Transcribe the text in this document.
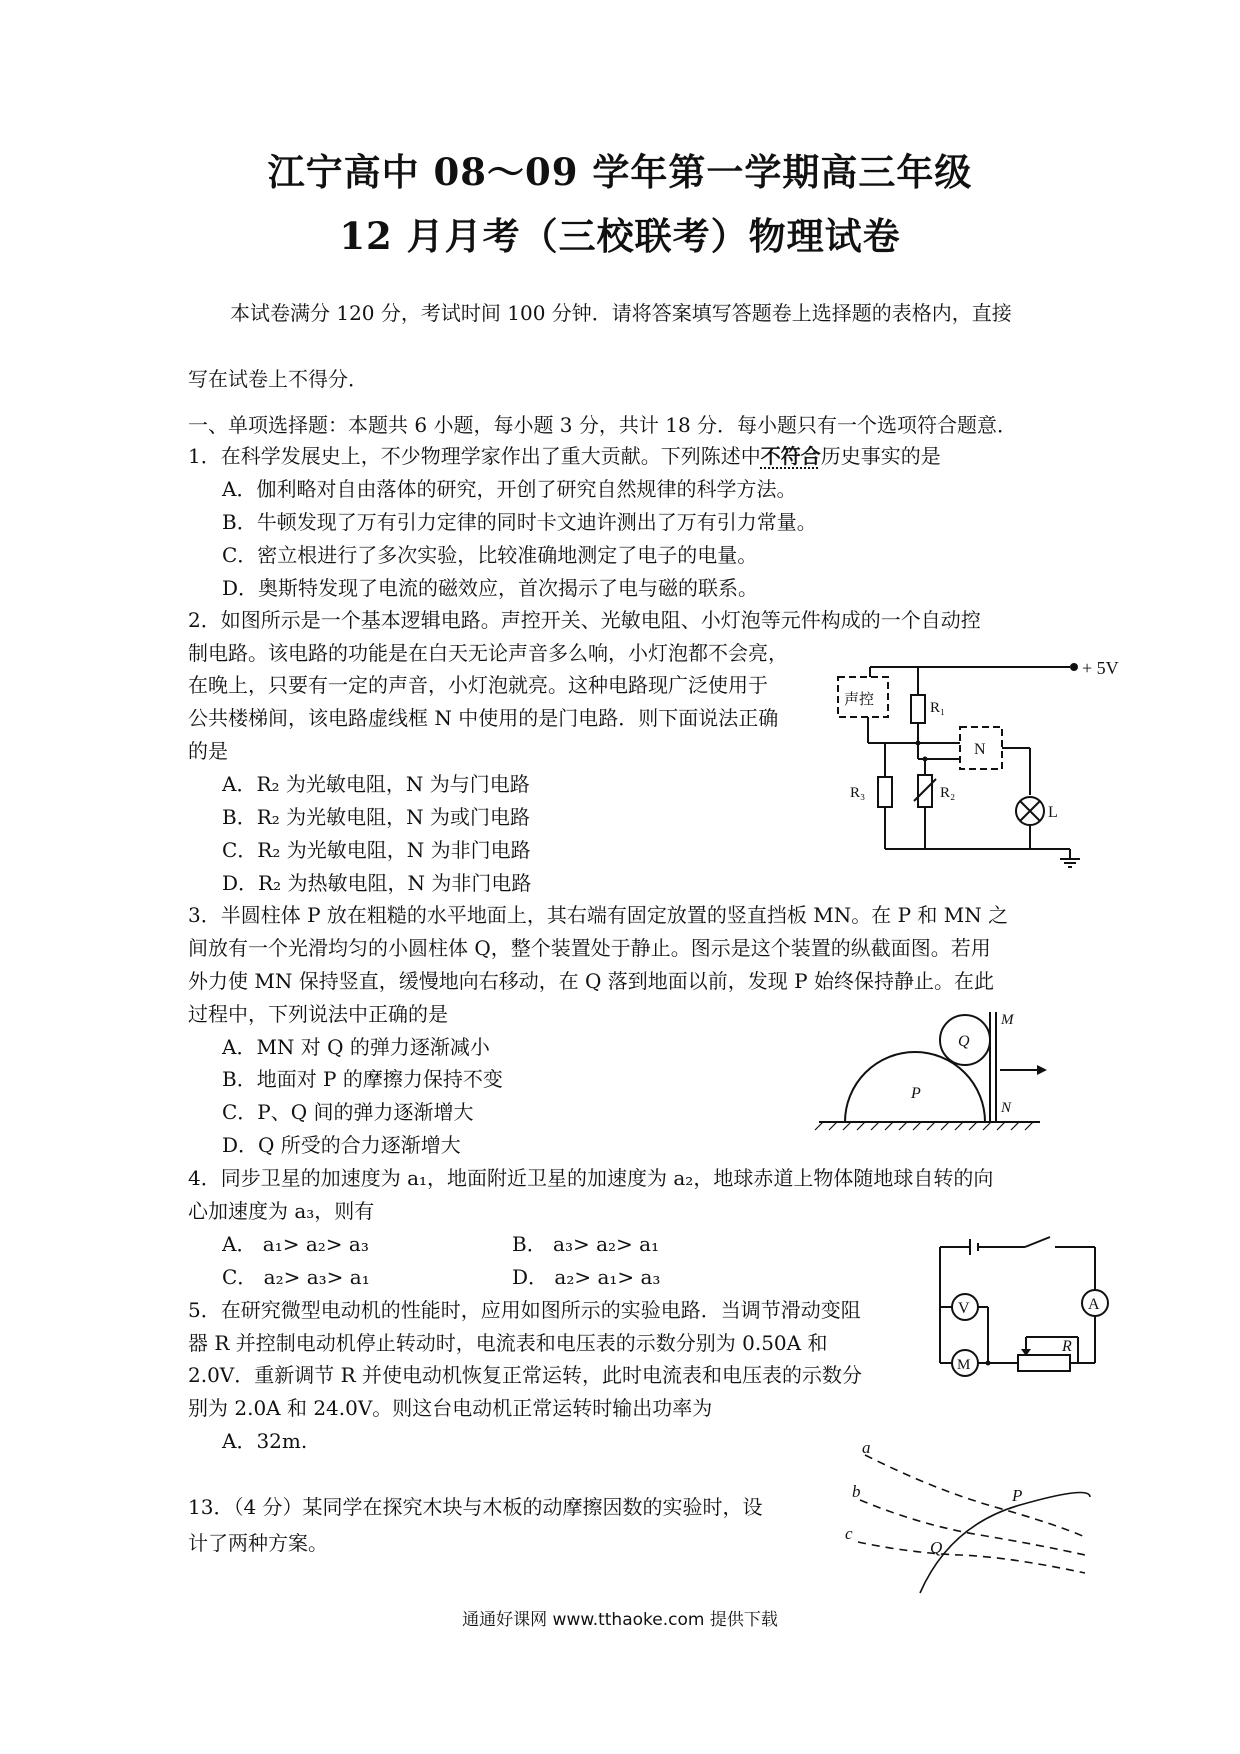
江宁高中 08～09 学年第一学期高三年级
12 月月考（三校联考）物理试卷
本试卷满分 120 分，考试时间 100 分钟．请将答案填写答题卷上选择题的表格内，直接
写在试卷上不得分．
一、单项选择题：本题共 6 小题，每小题 3 分，共计 18 分．每小题只有一个选项符合题意．
1．在科学发展史上，不少物理学家作出了重大贡献。下列陈述中不符合历史事实的是
A．伽利略对自由落体的研究，开创了研究自然规律的科学方法。
B．牛顿发现了万有引力定律的同时卡文迪许测出了万有引力常量。
C．密立根进行了多次实验，比较准确地测定了电子的电量。
D．奥斯特发现了电流的磁效应，首次揭示了电与磁的联系。
2．如图所示是一个基本逻辑电路。声控开关、光敏电阻、小灯泡等元件构成的一个自动控
制电路。该电路的功能是在白天无论声音多么响，小灯泡都不会亮，
在晚上，只要有一定的声音，小灯泡就亮。这种电路现广泛使用于
公共楼梯间，该电路虚线框 N 中使用的是门电路．则下面说法正确
的是
A．R₂ 为光敏电阻，N 为与门电路
B．R₂ 为光敏电阻，N 为或门电路
C．R₂ 为光敏电阻，N 为非门电路
D．R₂ 为热敏电阻，N 为非门电路
+ 5V
声控	R₁
N
R₃	R₂
L
3．半圆柱体 P 放在粗糙的水平地面上，其右端有固定放置的竖直挡板 MN。在 P 和 MN 之
间放有一个光滑均匀的小圆柱体 Q，整个装置处于静止。图示是这个装置的纵截面图。若用
外力使 MN 保持竖直，缓慢地向右移动，在 Q 落到地面以前，发现 P 始终保持静止。在此
过程中，下列说法中正确的是
A．MN 对 Q 的弹力逐渐减小
B．地面对 P 的摩擦力保持不变
C．P、Q 间的弹力逐渐增大
D．Q 所受的合力逐渐增大
M
N
P
Q
4．同步卫星的加速度为 a₁，地面附近卫星的加速度为 a₂，地球赤道上物体随地球自转的向
心加速度为 a₃，则有
A． a₁> a₂> a₃	B． a₃> a₂> a₁
C． a₂> a₃> a₁	D． a₂> a₁> a₃
5．在研究微型电动机的性能时，应用如图所示的实验电路．当调节滑动变阻
器 R 并控制电动机停止转动时，电流表和电压表的示数分别为 0.50A 和
2.0V．重新调节 R 并使电动机恢复正常运转，此时电流表和电压表的示数分
别为 2.0A 和 24.0V。则这台电动机正常运转时输出功率为
A．32m.
A
V
M
R
13．（4 分）某同学在探究木块与木板的动摩擦因数的实验时，设
计了两种方案。
a
b
c
P
Q
通通好课网 www.tthaoke.com 提供下载
